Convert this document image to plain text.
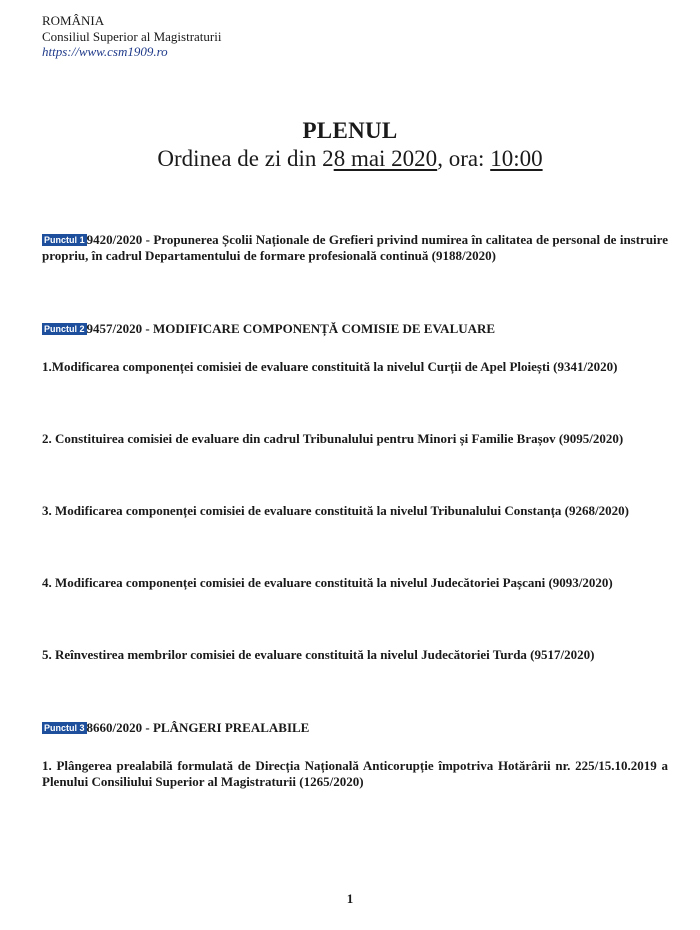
ROMÂNIA
Consiliul Superior al Magistraturii
https://www.csm1909.ro
PLENUL
Ordinea de zi din 28 mai 2020, ora: 10:00
Punctul 1 9420/2020 - Propunerea Școlii Naționale de Grefieri privind numirea în calitatea de personal de instruire propriu, în cadrul Departamentului de formare profesională continuă (9188/2020)
Punctul 2 9457/2020 - MODIFICARE COMPONENȚĂ COMISIE DE EVALUARE
1.Modificarea componenței comisiei de evaluare constituită la nivelul Curții de Apel Ploiești (9341/2020)
2. Constituirea comisiei de evaluare din cadrul Tribunalului pentru Minori și Familie Brașov (9095/2020)
3. Modificarea componenței comisiei de evaluare constituită la nivelul Tribunalului Constanța (9268/2020)
4. Modificarea componenței comisiei de evaluare constituită la nivelul Judecătoriei Pașcani (9093/2020)
5. Reînvestirea membrilor comisiei de evaluare constituită la nivelul Judecătoriei Turda (9517/2020)
Punctul 3 8660/2020 - PLÂNGERI PREALABILE
1. Plângerea prealabilă formulată de Direcția Națională Anticorupție împotriva Hotărârii nr. 225/15.10.2019 a Plenului Consiliului Superior al Magistraturii (1265/2020)
1
